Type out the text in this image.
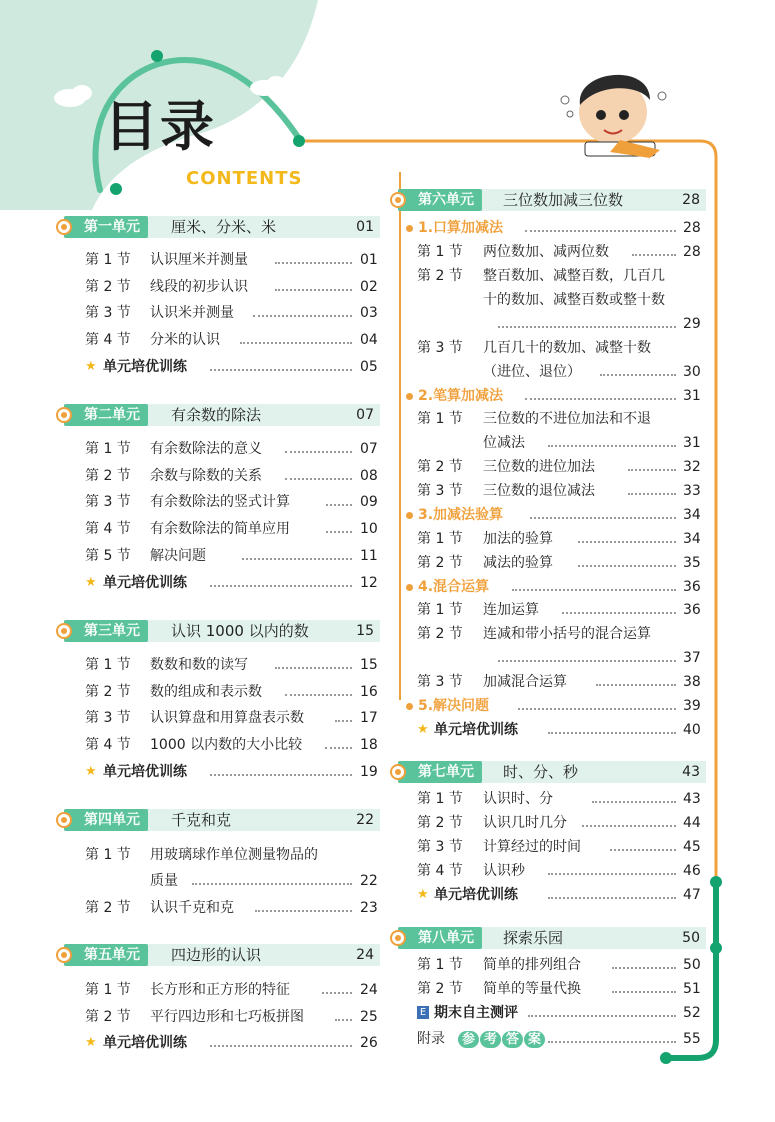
目录
CONTENTS
第一单元	厘米、分米、米	01
第 1 节 认识厘米并测量	01
第 2 节 线段的初步认识	02
第 3 节 认识米并测量	03
第 4 节 分米的认识	04
★ 单元培优训练	05
第二单元	有余数的除法	07
第 1 节 有余数除法的意义	07
第 2 节 余数与除数的关系	08
第 3 节 有余数除法的竖式计算	09
第 4 节 有余数除法的简单应用	10
第 5 节 解决问题	11
★ 单元培优训练	12
第三单元	认识 1000 以内的数	15
第 1 节 数数和数的读写	15
第 2 节 数的组成和表示数	16
第 3 节 认识算盘和用算盘表示数	17
第 4 节 1000 以内数的大小比较	18
★ 单元培优训练	19
第四单元	千克和克	22
第 1 节 用玻璃球作单位测量物品的
质量	22
第 2 节 认识千克和克	23
第五单元	四边形的认识	24
第 1 节 长方形和正方形的特征	24
第 2 节 平行四边形和七巧板拼图	25
★ 单元培优训练	26
第六单元	三位数加减三位数	28
1.口算加减法	28
第 1 节 两位数加、减两位数	28
第 2 节 整百数加、减整百数，几百几
十的数加、减整百数或整十数
29
第 3 节 几百几十的数加、减整十数
（进位、退位）	30
2.笔算加减法	31
第 1 节 三位数的不进位加法和不退
位减法	31
第 2 节 三位数的进位加法	32
第 3 节 三位数的退位减法	33
3.加减法验算	34
第 1 节 加法的验算	34
第 2 节 减法的验算	35
4.混合运算	36
第 1 节 连加运算	36
第 2 节 连减和带小括号的混合运算
37
第 3 节 加减混合运算	38
5.解决问题	39
★ 单元培优训练	40
第七单元	时、分、秒	43
第 1 节 认识时、分	43
第 2 节 认识几时几分	44
第 3 节 计算经过的时间	45
第 4 节 认识秒	46
★ 单元培优训练	47
第八单元	探索乐园	50
第 1 节 简单的排列组合	50
第 2 节 简单的等量代换	51
E 期末自主测评	52
附录	参 考 答 案	55
